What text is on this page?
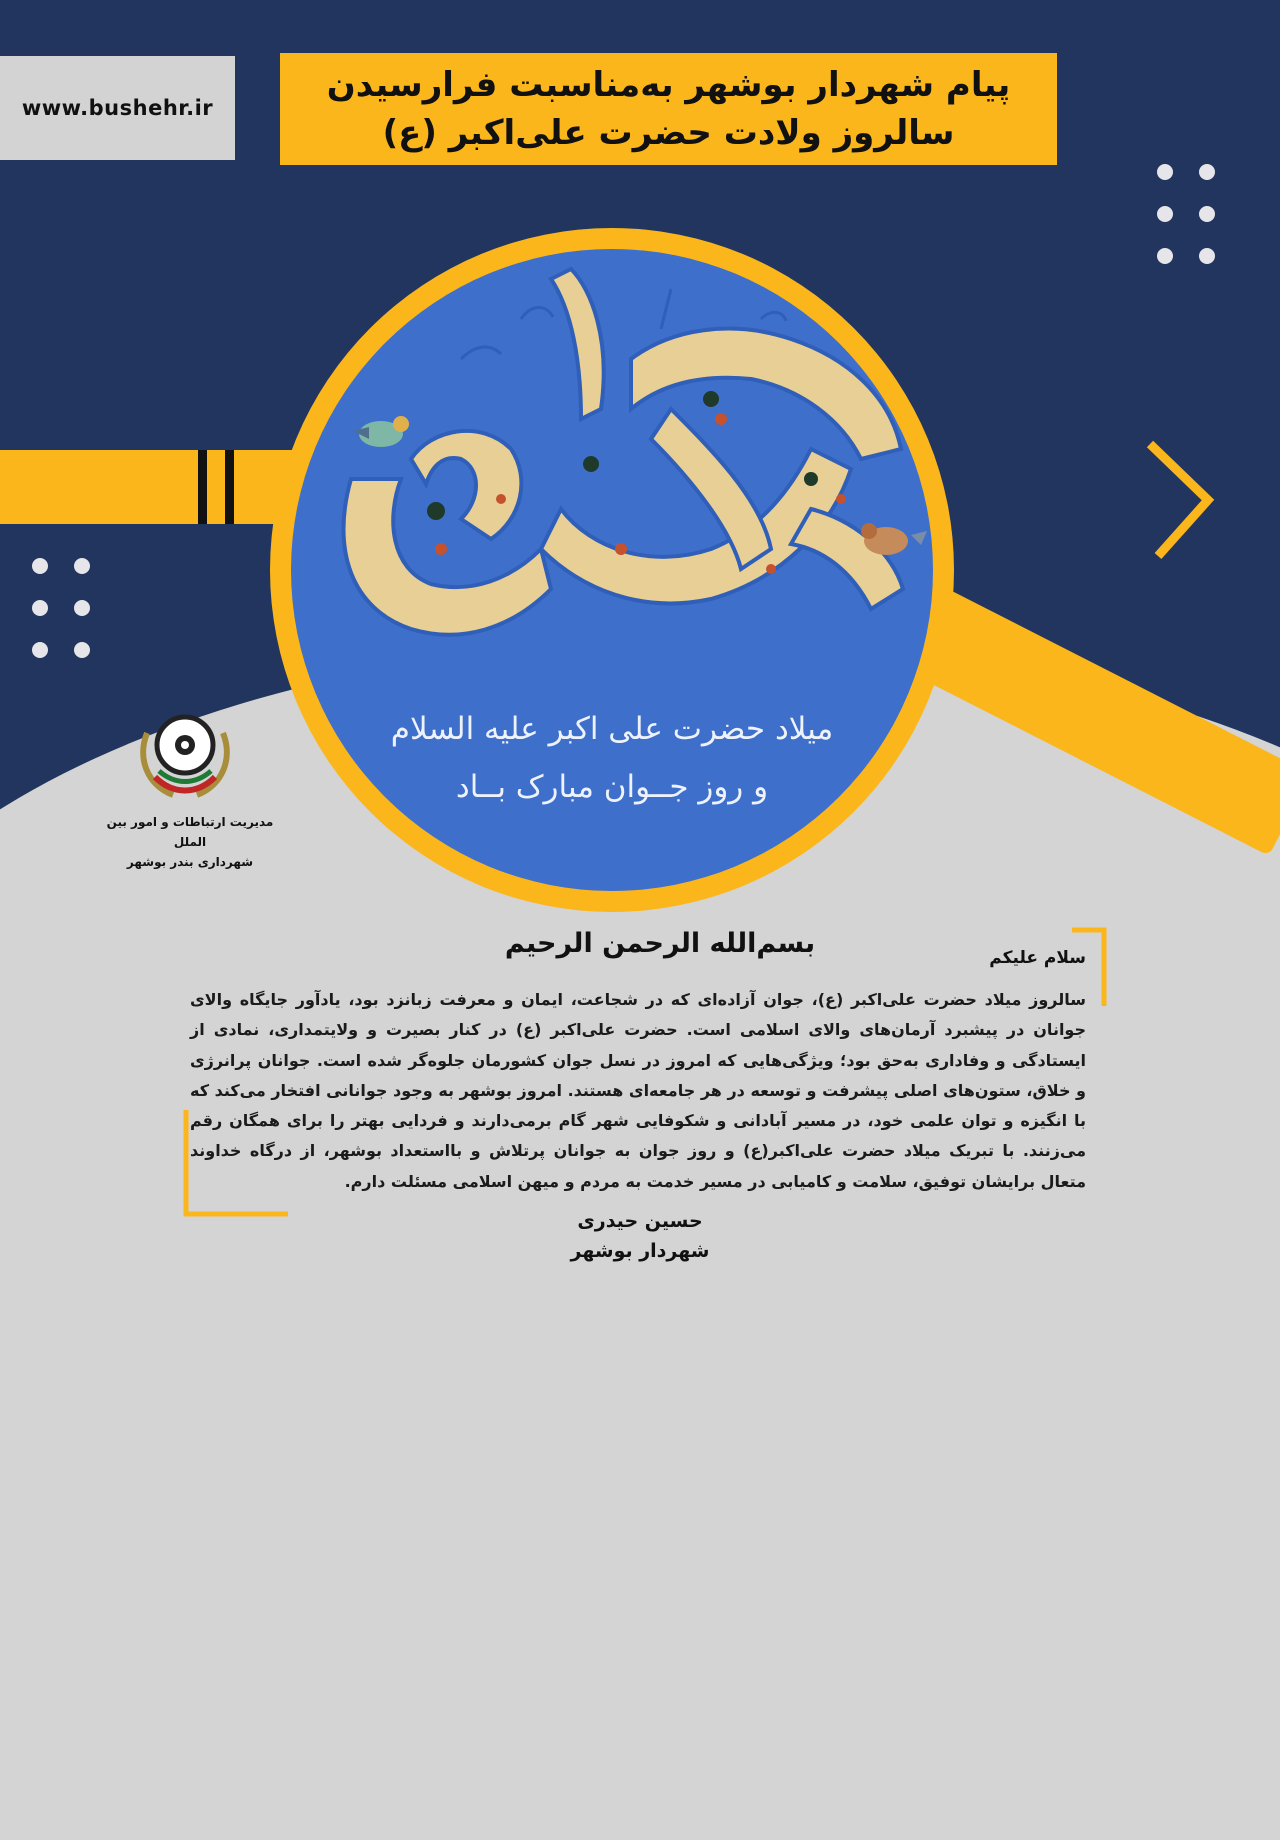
www.bushehr.ir
پیام شهردار بوشهر به‌مناسبت فرارسیدن
سالروز ولادت حضرت علی‌اکبر (ع)
میلاد حضرت علی اکبر علیه السلام
و روز جــوان مبارک بــاد
مدیریت ارتباطات و امور بین الملل
شهرداری بندر بوشهر
بسم‌الله الرحمن الرحیم	سلام علیکم

سالروز میلاد حضرت علی‌اکبر (ع)، جوان آزاده‌ای که در شجاعت، ایمان و معرفت زبانزد بود، یادآور جایگاه والای جوانان در پیشبرد آرمان‌های والای اسلامی است. حضرت علی‌اکبر (ع) در کنار بصیرت و ولایتمداری، نمادی از ایستادگی و وفاداری به‌حق بود؛ ویژگی‌هایی که امروز در نسل جوان کشورمان جلوه‌گر شده است. جوانان پرانرژی و خلاق، ستون‌های اصلی پیشرفت و توسعه در هر جامعه‌ای هستند. امروز بوشهر به وجود جوانانی افتخار می‌کند که با انگیزه و توان علمی خود، در مسیر آبادانی و شکوفایی شهر گام برمی‌دارند و فردایی بهتر را برای همگان رقم می‌زنند. با تبریک میلاد حضرت علی‌اکبر(ع) و روز جوان به جوانان پرتلاش و بااستعداد بوشهر، از درگاه خداوند متعال برایشان توفیق، سلامت و کامیابی در مسیر خدمت به مردم و میهن اسلامی مسئلت دارم.

حسین حیدری
شهردار بوشهر
